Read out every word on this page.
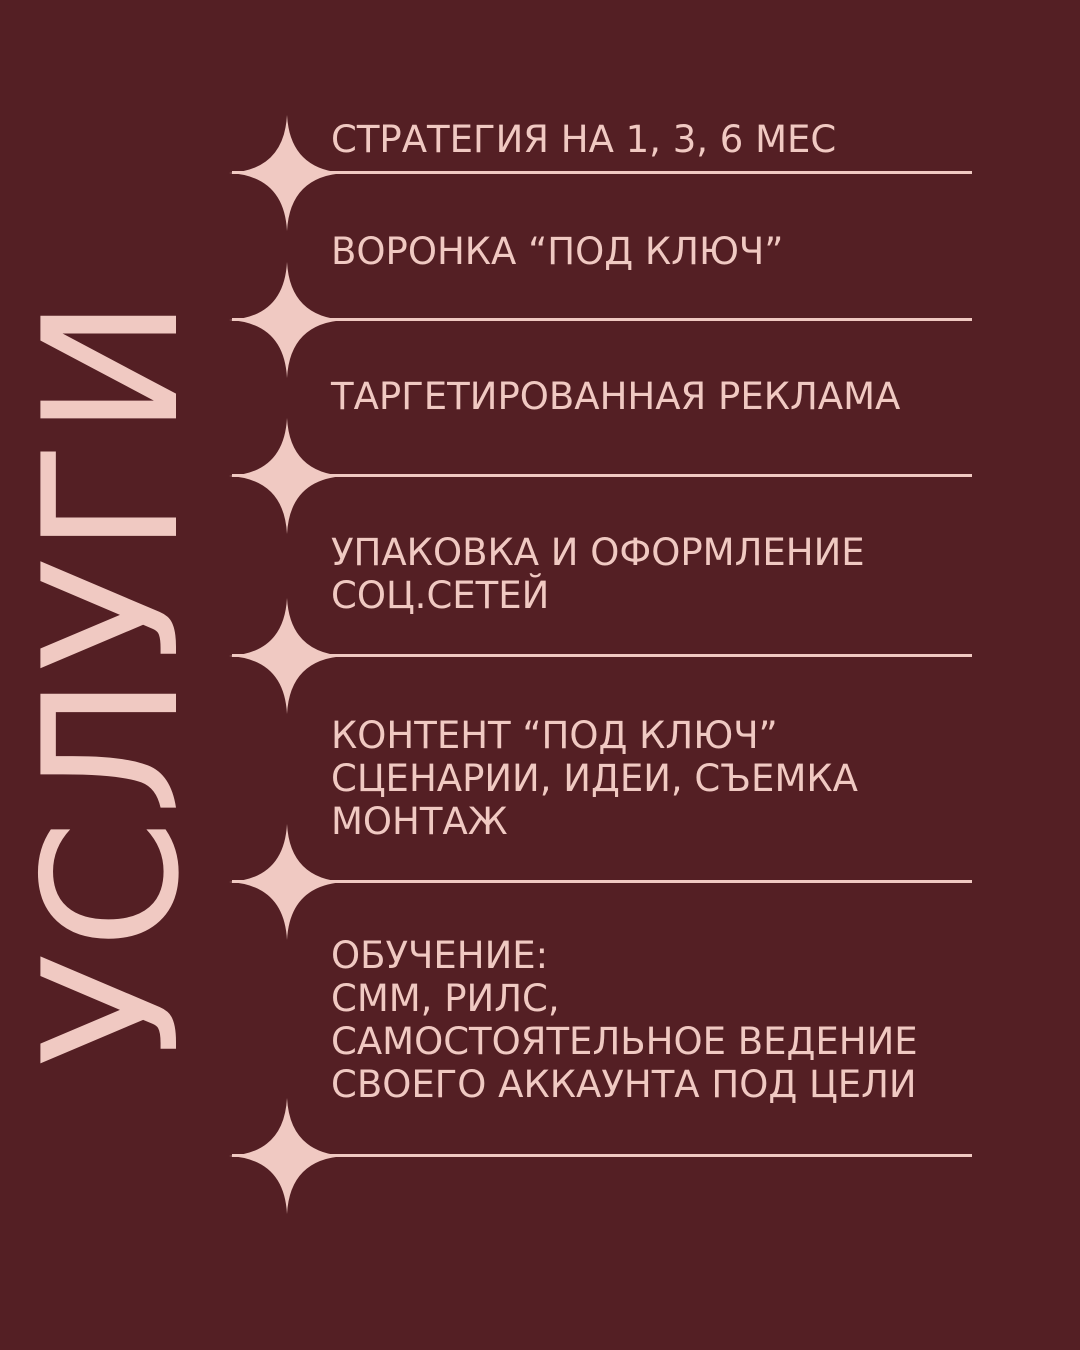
УСЛУГИ
СТРАТЕГИЯ НА 1, 3, 6 МЕС
ВОРОНКА “ПОД КЛЮЧ”
ТАРГЕТИРОВАННАЯ РЕКЛАМА
УПАКОВКА И ОФОРМЛЕНИЕ
СОЦ.СЕТЕЙ
КОНТЕНТ “ПОД КЛЮЧ”
СЦЕНАРИИ, ИДЕИ, СЪЕМКА
МОНТАЖ
ОБУЧЕНИЕ:
СММ, РИЛС,
САМОСТОЯТЕЛЬНОЕ ВЕДЕНИЕ
СВОЕГО АККАУНТА ПОД ЦЕЛИ
